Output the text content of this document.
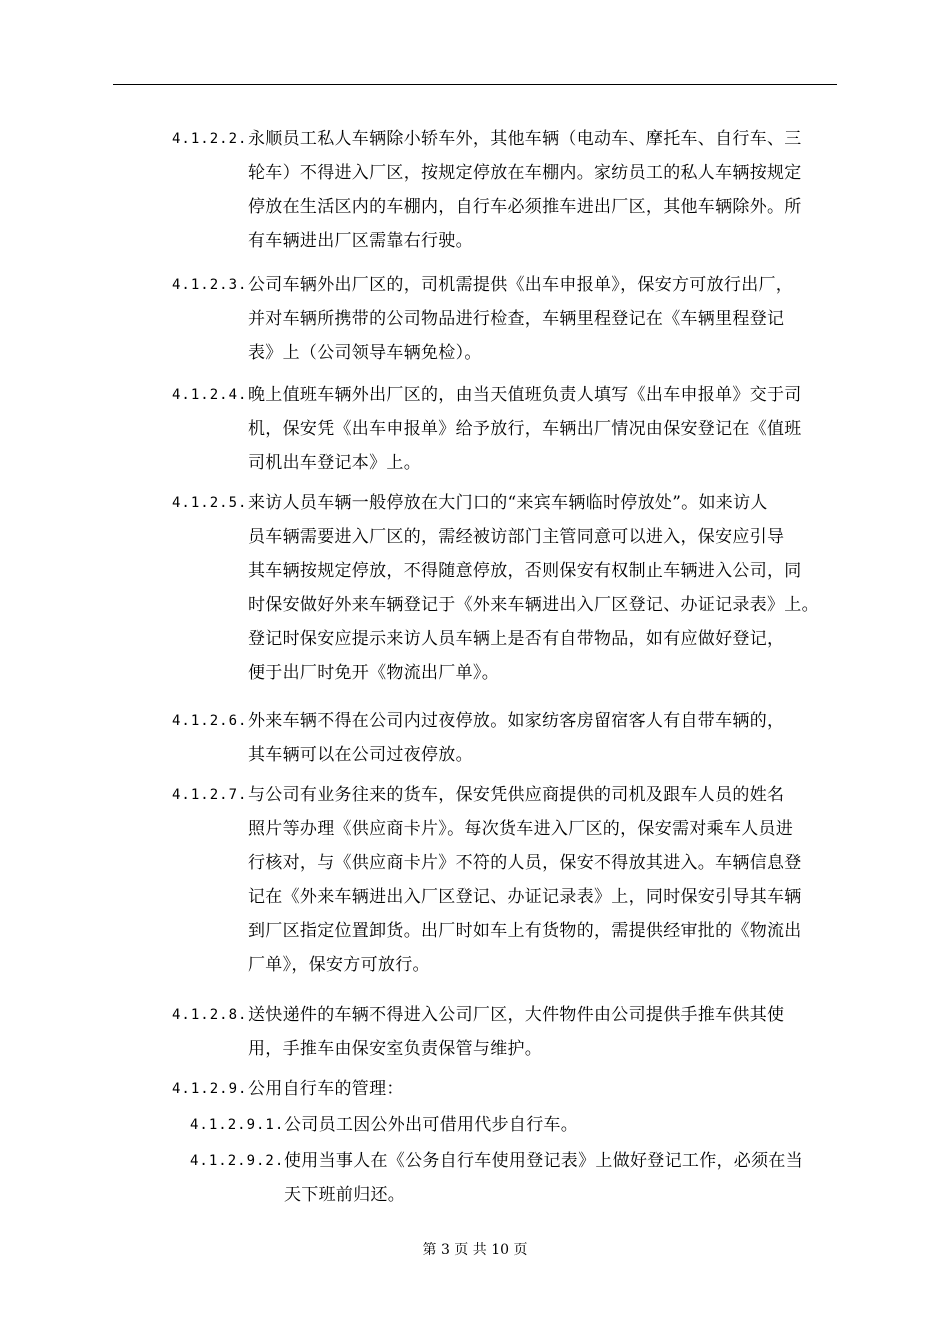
4.1.2.2. 永顺员工私人车辆除小轿车外，其他车辆（电动车、摩托车、自行车、三
轮车）不得进入厂区，按规定停放在车棚内。家纺员工的私人车辆按规定
停放在生活区内的车棚内，自行车必须推车进出厂区，其他车辆除外。所
有车辆进出厂区需靠右行驶。
4.1.2.3. 公司车辆外出厂区的，司机需提供《出车申报单》，保安方可放行出厂，
并对车辆所携带的公司物品进行检查，车辆里程登记在《车辆里程登记
表》上（公司领导车辆免检）。
4.1.2.4. 晚上值班车辆外出厂区的，由当天值班负责人填写《出车申报单》交于司
机，保安凭《出车申报单》给予放行，车辆出厂情况由保安登记在《值班
司机出车登记本》上。
4.1.2.5. 来访人员车辆一般停放在大门口的“来宾车辆临时停放处”。如来访人
员车辆需要进入厂区的，需经被访部门主管同意可以进入，保安应引导
其车辆按规定停放，不得随意停放，否则保安有权制止车辆进入公司，同
时保安做好外来车辆登记于《外来车辆进出入厂区登记、办证记录表》上。
登记时保安应提示来访人员车辆上是否有自带物品，如有应做好登记，
便于出厂时免开《物流出厂单》。
4.1.2.6. 外来车辆不得在公司内过夜停放。如家纺客房留宿客人有自带车辆的，
其车辆可以在公司过夜停放。
4.1.2.7. 与公司有业务往来的货车，保安凭供应商提供的司机及跟车人员的姓名
照片等办理《供应商卡片》。每次货车进入厂区的，保安需对乘车人员进
行核对，与《供应商卡片》不符的人员，保安不得放其进入。车辆信息登
记在《外来车辆进出入厂区登记、办证记录表》上，同时保安引导其车辆
到厂区指定位置卸货。出厂时如车上有货物的，需提供经审批的《物流出
厂单》，保安方可放行。
4.1.2.8. 送快递件的车辆不得进入公司厂区，大件物件由公司提供手推车供其使
用，手推车由保安室负责保管与维护。
4.1.2.9. 公用自行车的管理：
4.1.2.9.1. 公司员工因公外出可借用代步自行车。
4.1.2.9.2. 使用当事人在《公务自行车使用登记表》上做好登记工作，必须在当
天下班前归还。
第 3 页 共 10 页
